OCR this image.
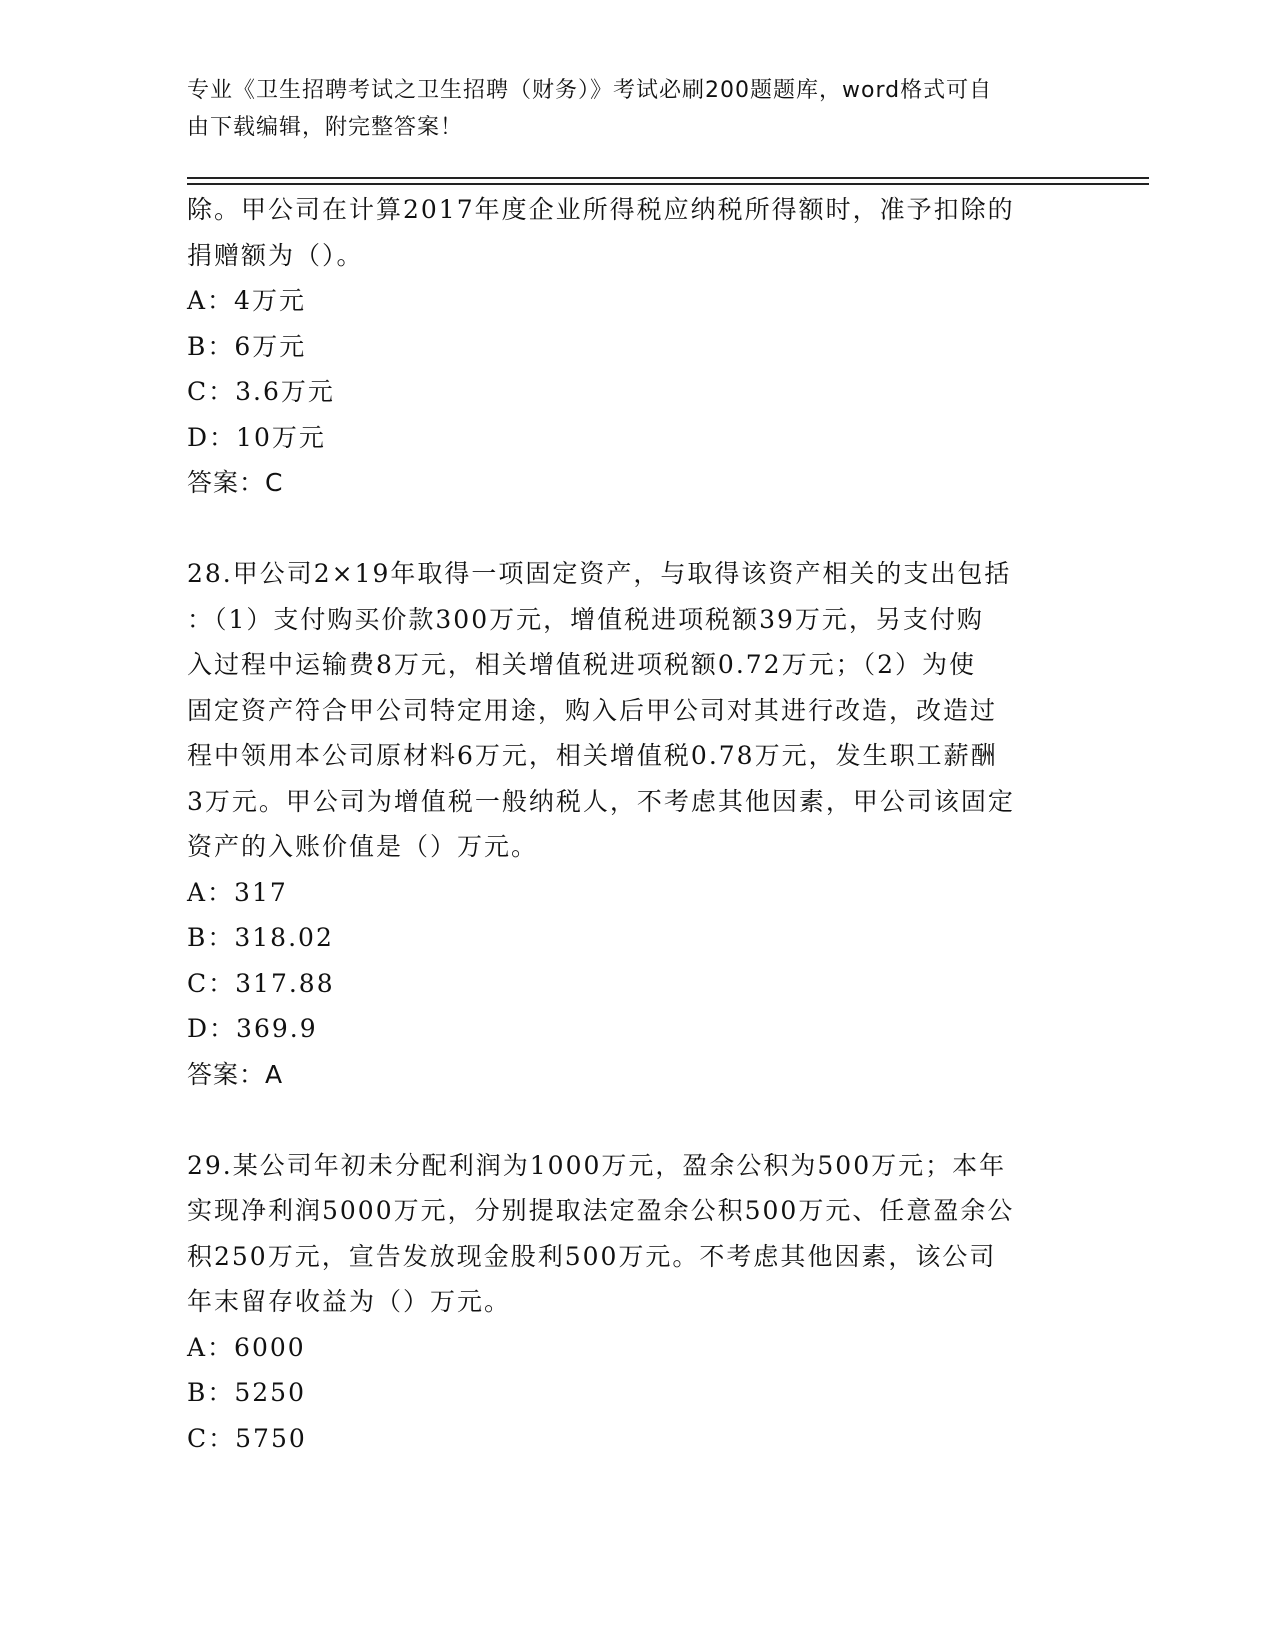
专业《卫生招聘考试之卫生招聘（财务）》考试必刷200题题库，word格式可自
由下载编辑，附完整答案！

除。甲公司在计算2017年度企业所得税应纳税所得额时，准予扣除的

捐赠额为（）。

A：4万元

B：6万元

C：3.6万元

D：10万元

答案：C

28.甲公司2×19年取得一项固定资产，与取得该资产相关的支出包括

：（1）支付购买价款300万元，增值税进项税额39万元，另支付购

入过程中运输费8万元，相关增值税进项税额0.72万元；（2）为使

固定资产符合甲公司特定用途，购入后甲公司对其进行改造，改造过

程中领用本公司原材料6万元，相关增值税0.78万元，发生职工薪酬

3万元。甲公司为增值税一般纳税人，不考虑其他因素，甲公司该固定

资产的入账价值是（）万元。

A：317

B：318.02

C：317.88

D：369.9

答案：A

29.某公司年初未分配利润为1000万元，盈余公积为500万元；本年

实现净利润5000万元，分别提取法定盈余公积500万元、任意盈余公

积250万元，宣告发放现金股利500万元。不考虑其他因素，该公司

年末留存收益为（）万元。

A：6000

B：5250

C：5750
